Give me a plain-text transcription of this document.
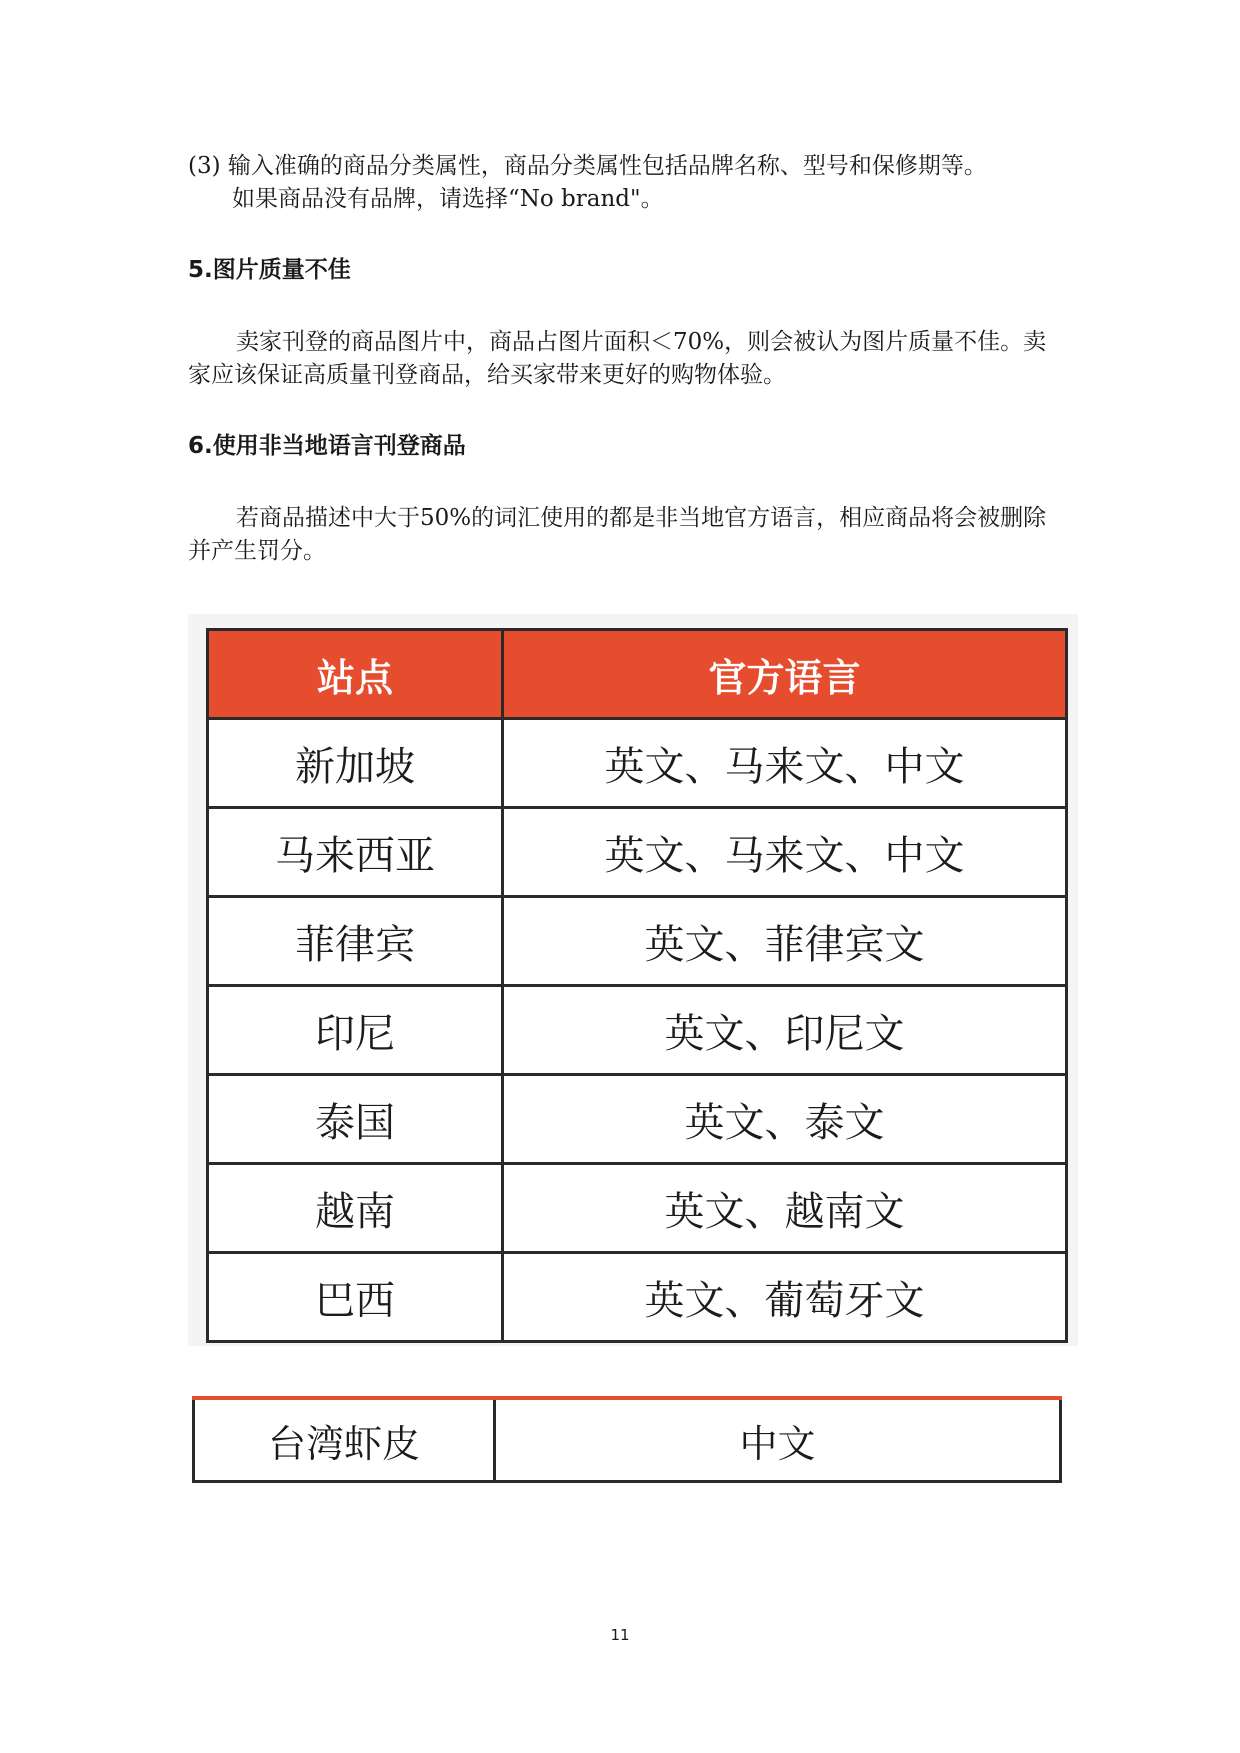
(3) 输入准确的商品分类属性，商品分类属性包括品牌名称、型号和保修期等。
如果商品没有品牌，请选择“No brand"。
5.图片质量不佳
卖家刊登的商品图片中，商品占图片面积＜70%，则会被认为图片质量不佳。卖家应该保证高质量刊登商品，给买家带来更好的购物体验。
6.使用非当地语言刊登商品
若商品描述中大于50%的词汇使用的都是非当地官方语言，相应商品将会被删除并产生罚分。
站点	官方语言
新加坡	英文、马来文、中文
马来西亚	英文、马来文、中文
菲律宾	英文、菲律宾文
印尼	英文、印尼文
泰国	英文、泰文
越南	英文、越南文
巴西	英文、葡萄牙文
台湾虾皮	中文
11
